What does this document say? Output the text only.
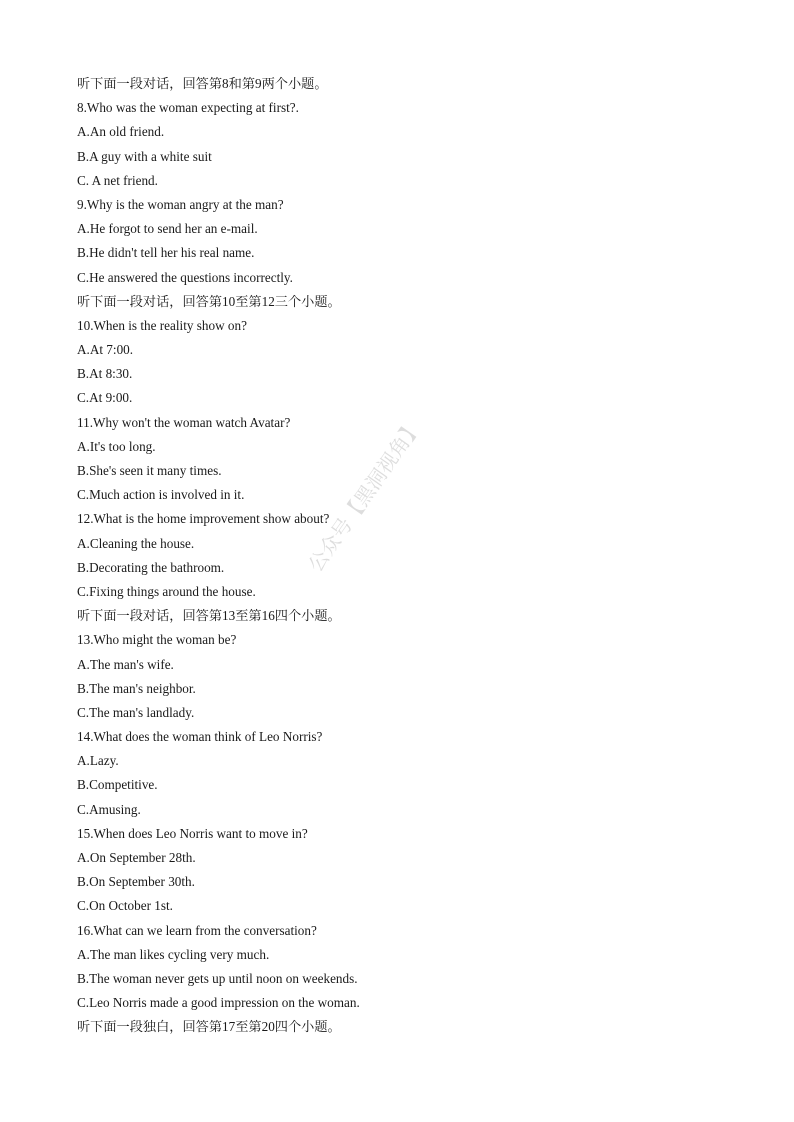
听下面一段对话，回答第8和第9两个小题。
8.Who was the woman expecting at first?.
A.An old friend.
B.A guy with a white suit
C. A net friend.
9.Why is the woman angry at the man?
A.He forgot to send her an e-mail.
B.He didn't tell her his real name.
C.He answered the questions incorrectly.
听下面一段对话，回答第10至第12三个小题。
10.When is the reality show on?
A.At 7:00.
B.At 8:30.
C.At 9:00.
11.Why won't the woman watch Avatar?
A.It's too long.
B.She's seen it many times.
C.Much action is involved in it.
12.What is the home improvement show about?
A.Cleaning the house.
B.Decorating the bathroom.
C.Fixing things around the house.
听下面一段对话，回答第13至第16四个小题。
13.Who might the woman be?
A.The man's wife.
B.The man's neighbor.
C.The man's landlady.
14.What does the woman think of Leo Norris?
A.Lazy.
B.Competitive.
C.Amusing.
15.When does Leo Norris want to move in?
A.On September 28th.
B.On September 30th.
C.On October 1st.
16.What can we learn from the conversation?
A.The man likes cycling very much.
B.The woman never gets up until noon on weekends.
C.Leo Norris made a good impression on the woman.
听下面一段独白，回答第17至第20四个小题。
公众号【黑洞视角】
